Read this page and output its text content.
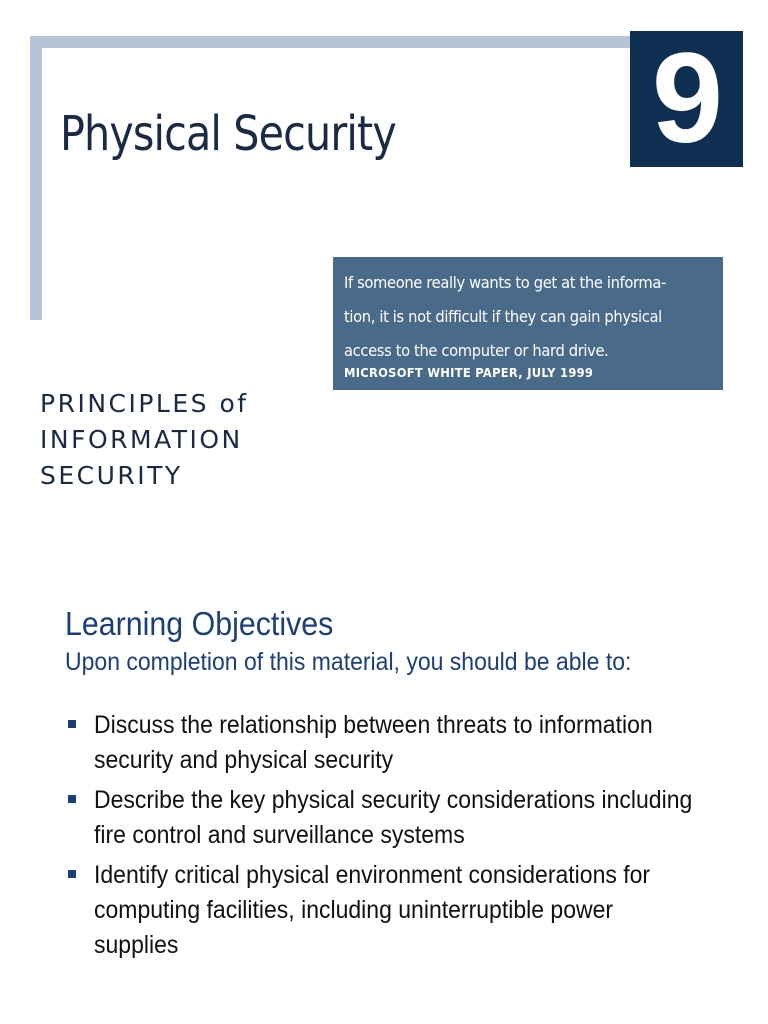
9
Physical Security
If someone really wants to get at the informa-
tion, it is not difficult if they can gain physical
access to the computer or hard drive.
MICROSOFT WHITE PAPER, JULY 1999
PRINCIPLES of
INFORMATION
SECURITY
Learning Objectives
Upon completion of this material, you should be able to:
Discuss the relationship between threats to information
security and physical security
Describe the key physical security considerations including
fire control and surveillance systems
Identify critical physical environment considerations for
computing facilities, including uninterruptible power
supplies
